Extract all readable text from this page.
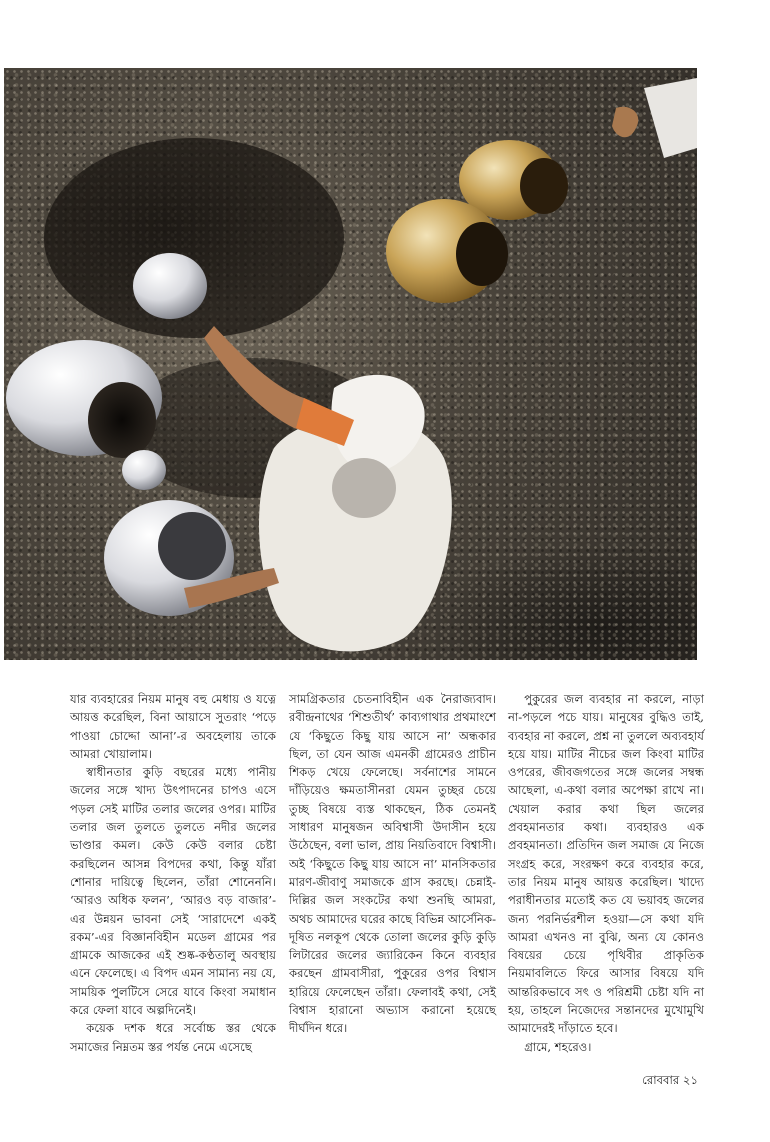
যার ব্যবহারের নিয়ম মানুষ বহু মেধায় ও যত্নে আয়ত্ত করেছিল, বিনা আয়াসে সুতরাং ‘পড়ে পাওয়া চোদ্দো আনা’-র অবহেলায় তাকে আমরা খোয়ালাম।

স্বাধীনতার কুড়ি বছরের মধ্যে পানীয় জলের সঙ্গে খাদ্য উৎপাদনের চাপও এসে পড়ল সেই মাটির তলার জলের ওপর। মাটির তলার জল তুলতে তুলতে নদীর জলের ভাণ্ডার কমল। কেউ কেউ বলার চেষ্টা করছিলেন আসন্ন বিপদের কথা, কিন্তু যাঁরা শোনার দায়িত্বে ছিলেন, তাঁরা শোনেননি। ‘আরও অধিক ফলন’, ‘আরও বড় বাজার’-এর উন্নয়ন ভাবনা সেই ‘সারাদেশে একই রকম’-এর বিজ্ঞানবিহীন মডেল গ্রামের পর গ্রামকে আজকের এই শুষ্ক-কণ্ঠতালু অবস্থায় এনে ফেলেছে। এ বিপদ এমন সামান্য নয় যে, সাময়িক পুলটিসে সেরে যাবে কিংবা সমাধান করে ফেলা যাবে অল্পদিনেই।

কয়েক দশক ধরে সর্বোচ্চ স্তর থেকে সমাজের নিম্নতম স্তর পর্যন্ত নেমে এসেছে

সামগ্রিকতার চেতনাবিহীন এক নৈরাজ্যবাদ। রবীন্দ্রনাথের ‘শিশুতীর্থ’ কাব্যগাথার প্রথমাংশে যে ‘কিছুতে কিছু যায় আসে না’ অন্ধকার ছিল, তা যেন আজ এমনকী গ্রামেরও প্রাচীন শিকড় খেয়ে ফেলেছে। সর্বনাশের সামনে দাঁড়িয়েও ক্ষমতাসীনরা যেমন তুচ্ছর চেয়ে তুচ্ছ বিষয়ে ব্যস্ত থাকছেন, ঠিক তেমনই সাধারণ মানুষজন অবিশ্বাসী উদাসীন হয়ে উঠেছেন, বলা ভাল, প্রায় নিয়তিবাদে বিশ্বাসী। অই ‘কিছুতে কিছু যায় আসে না’ মানসিকতার মারণ-জীবাণু সমাজকে গ্রাস করছে। চেন্নাই-দিল্লির জল সংকটের কথা শুনছি আমরা, অথচ আমাদের ঘরের কাছে বিভিন্ন আর্সেনিক-দূষিত নলকূপ থেকে তোলা জলের কুড়ি কুড়ি লিটারের জলের জ্যারিকেন কিনে ব্যবহার করছেন গ্রামবাসীরা, পুকুরের ওপর বিশ্বাস হারিয়ে ফেলেছেন তাঁরা। ফেলাবই কথা, সেই বিশ্বাস হারানো অভ্যাস করানো হয়েছে দীর্ঘদিন ধরে।

পুকুরের জল ব্যবহার না করলে, নাড়া না-পড়লে পচে যায়। মানুষের বুদ্ধিও তাই, ব্যবহার না করলে, প্রশ্ন না তুললে অব্যবহার্য হয়ে যায়। মাটির নীচের জল কিংবা মাটির ওপরের, জীবজগতের সঙ্গে জলের সম্বন্ধ আছেলা, এ-কথা বলার অপেক্ষা রাখে না। খেয়াল করার কথা ছিল জলের প্রবহমানতার কথা। ব্যবহারও এক প্রবহমানতা। প্রতিদিন জল সমাজ যে নিজে সংগ্রহ করে, সংরক্ষণ করে ব্যবহার করে, তার নিয়ম মানুষ আয়ত্ত করেছিল। খাদ্যে পরাধীনতার মতোই কত যে ভয়াবহ জলের জন্য পরনির্ভরশীল হওয়া—সে কথা যদি আমরা এখনও না বুঝি, অন্য যে কোনও বিষয়ের চেয়ে পৃথিবীর প্রাকৃতিক নিয়মাবলিতে ফিরে আসার বিষয়ে যদি আন্তরিকভাবে সৎ ও পরিশ্রমী চেষ্টা যদি না হয়, তাহলে নিজেদের সন্তানদের মুখোমুখি আমাদেরই দাঁড়াতে হবে।

গ্রামে, শহরেও।

রোববার ২১
